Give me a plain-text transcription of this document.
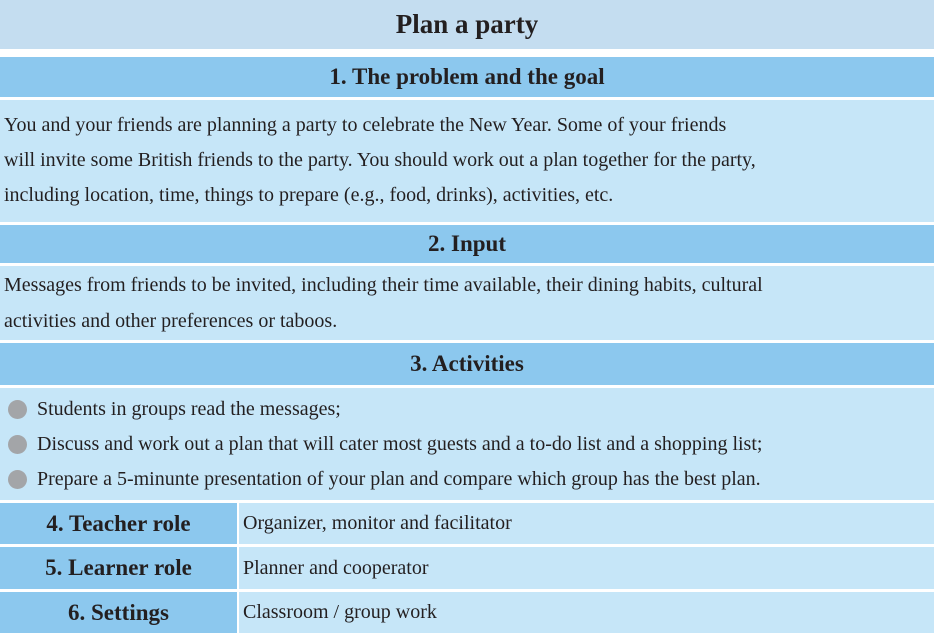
Plan a party
1. The problem and the goal
You and your friends are planning a party to celebrate the New Year. Some of your friends
will invite some British friends to the party. You should work out a plan together for the party,
including location, time, things to prepare (e.g., food, drinks), activities, etc.
2. Input
Messages from friends to be invited, including their time available, their dining habits, cultural
activities and other preferences or taboos.
3. Activities
Students in groups read the messages;
Discuss and work out a plan that will cater most guests and a to-do list and a shopping list;
Prepare a 5-minunte presentation of your plan and compare which group has the best plan.
4. Teacher role	Organizer, monitor and facilitator
5. Learner role	Planner and cooperator
6. Settings	Classroom / group work
